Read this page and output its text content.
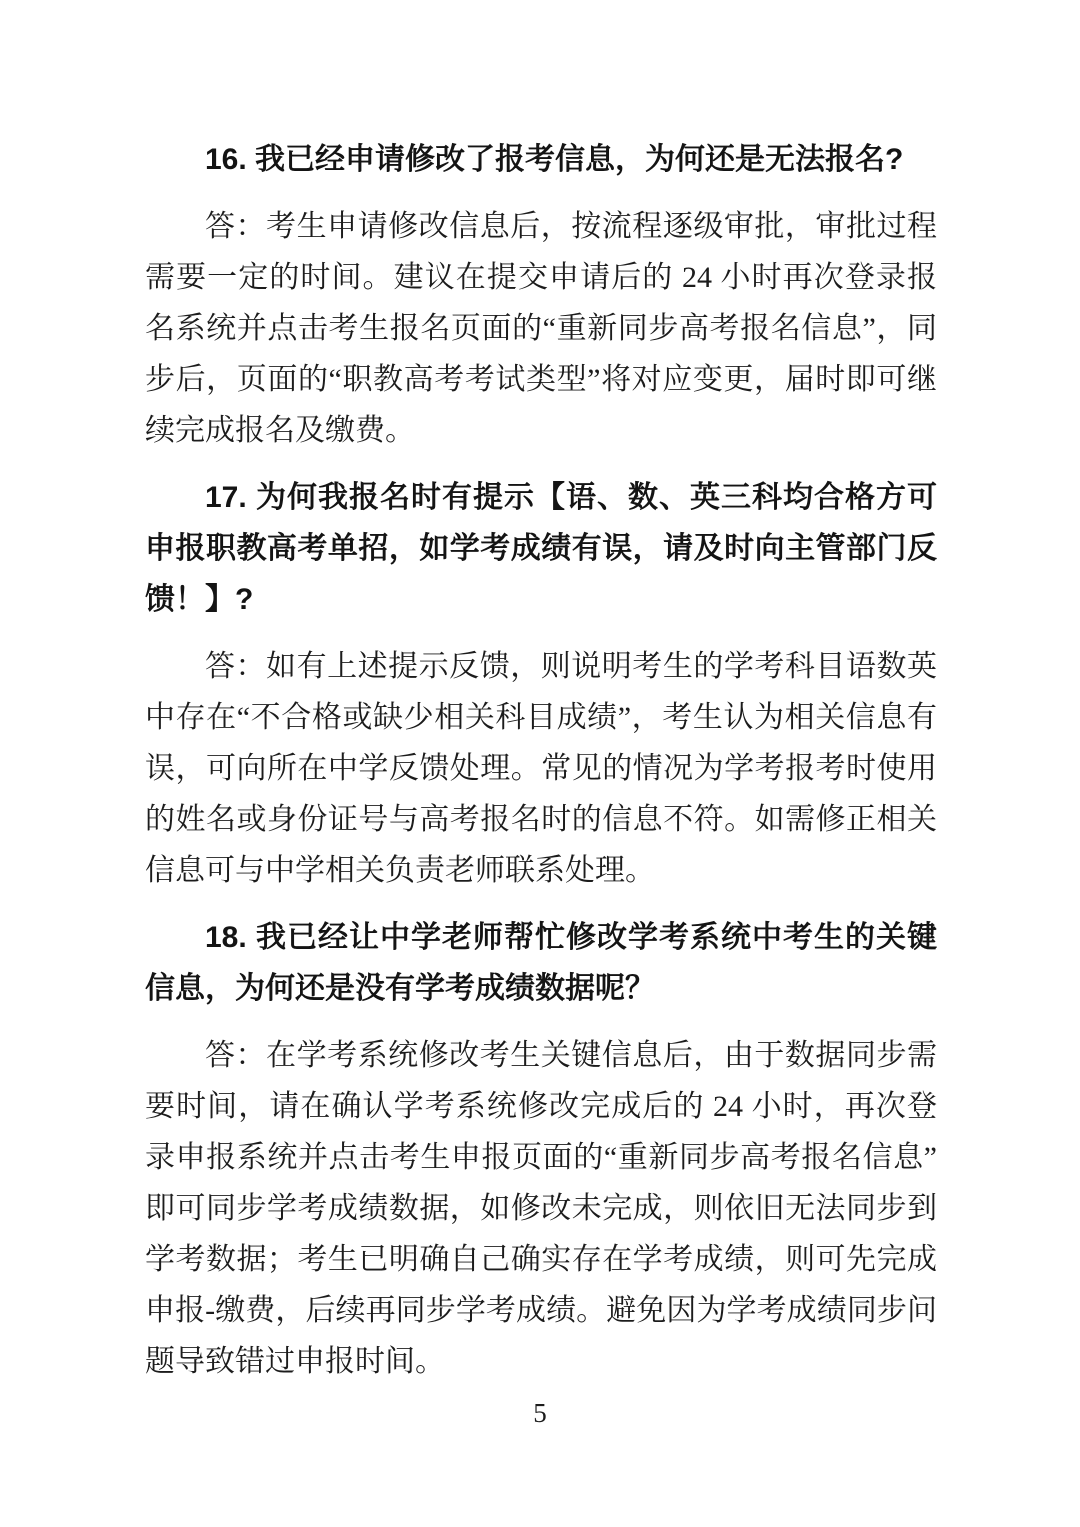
16. 我已经申请修改了报考信息，为何还是无法报名?

答：考生申请修改信息后，按流程逐级审批，审批过程需要一定的时间。建议在提交申请后的 24 小时再次登录报名系统并点击考生报名页面的“重新同步高考报名信息”，同步后，页面的“职教高考考试类型”将对应变更，届时即可继续完成报名及缴费。

17. 为何我报名时有提示【语、数、英三科均合格方可申报职教高考单招，如学考成绩有误，请及时向主管部门反馈！】?

答：如有上述提示反馈，则说明考生的学考科目语数英中存在“不合格或缺少相关科目成绩”，考生认为相关信息有误，可向所在中学反馈处理。常见的情况为学考报考时使用的姓名或身份证号与高考报名时的信息不符。如需修正相关信息可与中学相关负责老师联系处理。

18. 我已经让中学老师帮忙修改学考系统中考生的关键信息，为何还是没有学考成绩数据呢？

答：在学考系统修改考生关键信息后，由于数据同步需要时间，请在确认学考系统修改完成后的 24 小时，再次登录申报系统并点击考生申报页面的“重新同步高考报名信息”即可同步学考成绩数据，如修改未完成，则依旧无法同步到学考数据；考生已明确自己确实存在学考成绩，则可先完成申报-缴费，后续再同步学考成绩。避免因为学考成绩同步问题导致错过申报时间。

5
